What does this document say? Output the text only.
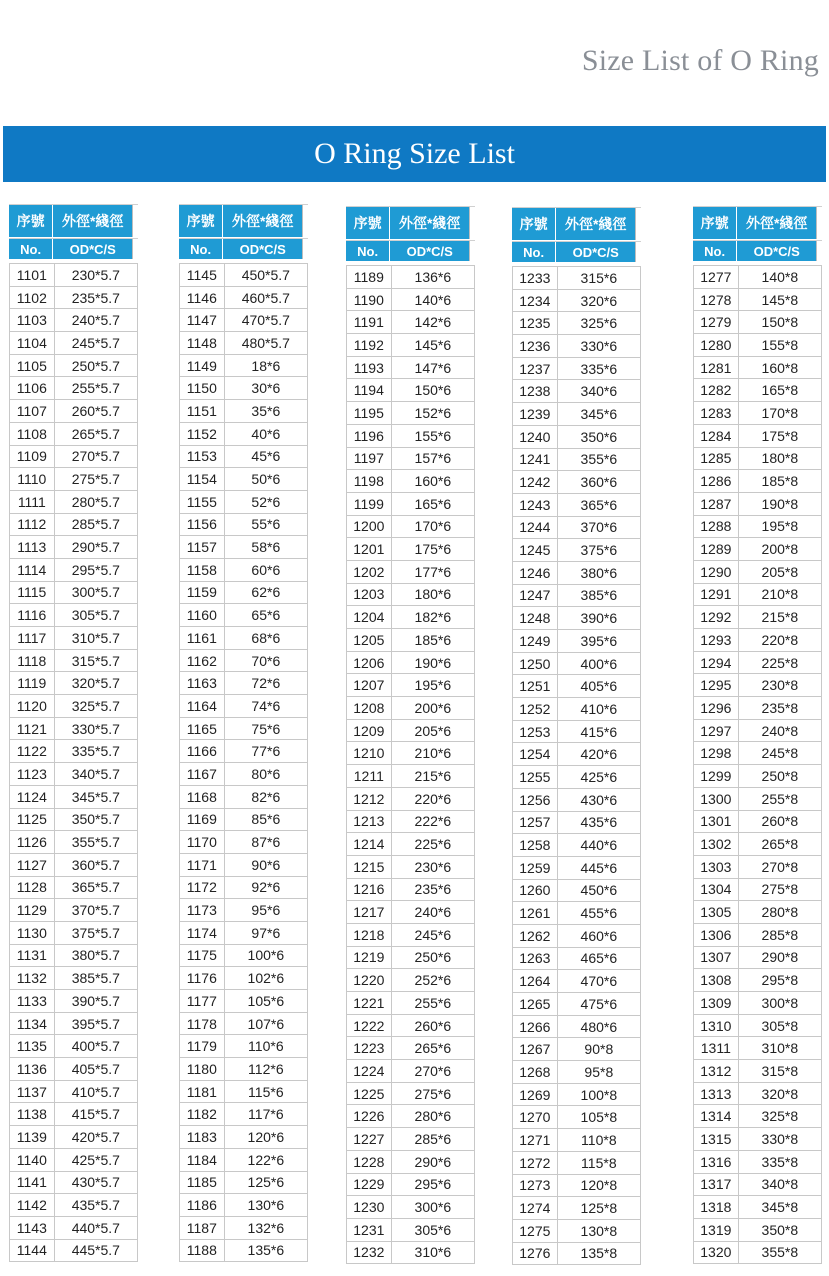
Size List of O Ring
O Ring Size List
序號	外徑*綫徑
No.	OD*C/S
1101	230*5.7
1102	235*5.7
1103	240*5.7
1104	245*5.7
1105	250*5.7
1106	255*5.7
1107	260*5.7
1108	265*5.7
1109	270*5.7
1110	275*5.7
1111	280*5.7
1112	285*5.7
1113	290*5.7
1114	295*5.7
1115	300*5.7
1116	305*5.7
1117	310*5.7
1118	315*5.7
1119	320*5.7
1120	325*5.7
1121	330*5.7
1122	335*5.7
1123	340*5.7
1124	345*5.7
1125	350*5.7
1126	355*5.7
1127	360*5.7
1128	365*5.7
1129	370*5.7
1130	375*5.7
1131	380*5.7
1132	385*5.7
1133	390*5.7
1134	395*5.7
1135	400*5.7
1136	405*5.7
1137	410*5.7
1138	415*5.7
1139	420*5.7
1140	425*5.7
1141	430*5.7
1142	435*5.7
1143	440*5.7
1144	445*5.7
序號	外徑*綫徑
No.	OD*C/S
1145	450*5.7
1146	460*5.7
1147	470*5.7
1148	480*5.7
1149	18*6
1150	30*6
1151	35*6
1152	40*6
1153	45*6
1154	50*6
1155	52*6
1156	55*6
1157	58*6
1158	60*6
1159	62*6
1160	65*6
1161	68*6
1162	70*6
1163	72*6
1164	74*6
1165	75*6
1166	77*6
1167	80*6
1168	82*6
1169	85*6
1170	87*6
1171	90*6
1172	92*6
1173	95*6
1174	97*6
1175	100*6
1176	102*6
1177	105*6
1178	107*6
1179	110*6
1180	112*6
1181	115*6
1182	117*6
1183	120*6
1184	122*6
1185	125*6
1186	130*6
1187	132*6
1188	135*6
序號	外徑*綫徑
No.	OD*C/S
1189	136*6
1190	140*6
1191	142*6
1192	145*6
1193	147*6
1194	150*6
1195	152*6
1196	155*6
1197	157*6
1198	160*6
1199	165*6
1200	170*6
1201	175*6
1202	177*6
1203	180*6
1204	182*6
1205	185*6
1206	190*6
1207	195*6
1208	200*6
1209	205*6
1210	210*6
1211	215*6
1212	220*6
1213	222*6
1214	225*6
1215	230*6
1216	235*6
1217	240*6
1218	245*6
1219	250*6
1220	252*6
1221	255*6
1222	260*6
1223	265*6
1224	270*6
1225	275*6
1226	280*6
1227	285*6
1228	290*6
1229	295*6
1230	300*6
1231	305*6
1232	310*6
序號	外徑*綫徑
No.	OD*C/S
1233	315*6
1234	320*6
1235	325*6
1236	330*6
1237	335*6
1238	340*6
1239	345*6
1240	350*6
1241	355*6
1242	360*6
1243	365*6
1244	370*6
1245	375*6
1246	380*6
1247	385*6
1248	390*6
1249	395*6
1250	400*6
1251	405*6
1252	410*6
1253	415*6
1254	420*6
1255	425*6
1256	430*6
1257	435*6
1258	440*6
1259	445*6
1260	450*6
1261	455*6
1262	460*6
1263	465*6
1264	470*6
1265	475*6
1266	480*6
1267	90*8
1268	95*8
1269	100*8
1270	105*8
1271	110*8
1272	115*8
1273	120*8
1274	125*8
1275	130*8
1276	135*8
序號	外徑*綫徑
No.	OD*C/S
1277	140*8
1278	145*8
1279	150*8
1280	155*8
1281	160*8
1282	165*8
1283	170*8
1284	175*8
1285	180*8
1286	185*8
1287	190*8
1288	195*8
1289	200*8
1290	205*8
1291	210*8
1292	215*8
1293	220*8
1294	225*8
1295	230*8
1296	235*8
1297	240*8
1298	245*8
1299	250*8
1300	255*8
1301	260*8
1302	265*8
1303	270*8
1304	275*8
1305	280*8
1306	285*8
1307	290*8
1308	295*8
1309	300*8
1310	305*8
1311	310*8
1312	315*8
1313	320*8
1314	325*8
1315	330*8
1316	335*8
1317	340*8
1318	345*8
1319	350*8
1320	355*8
